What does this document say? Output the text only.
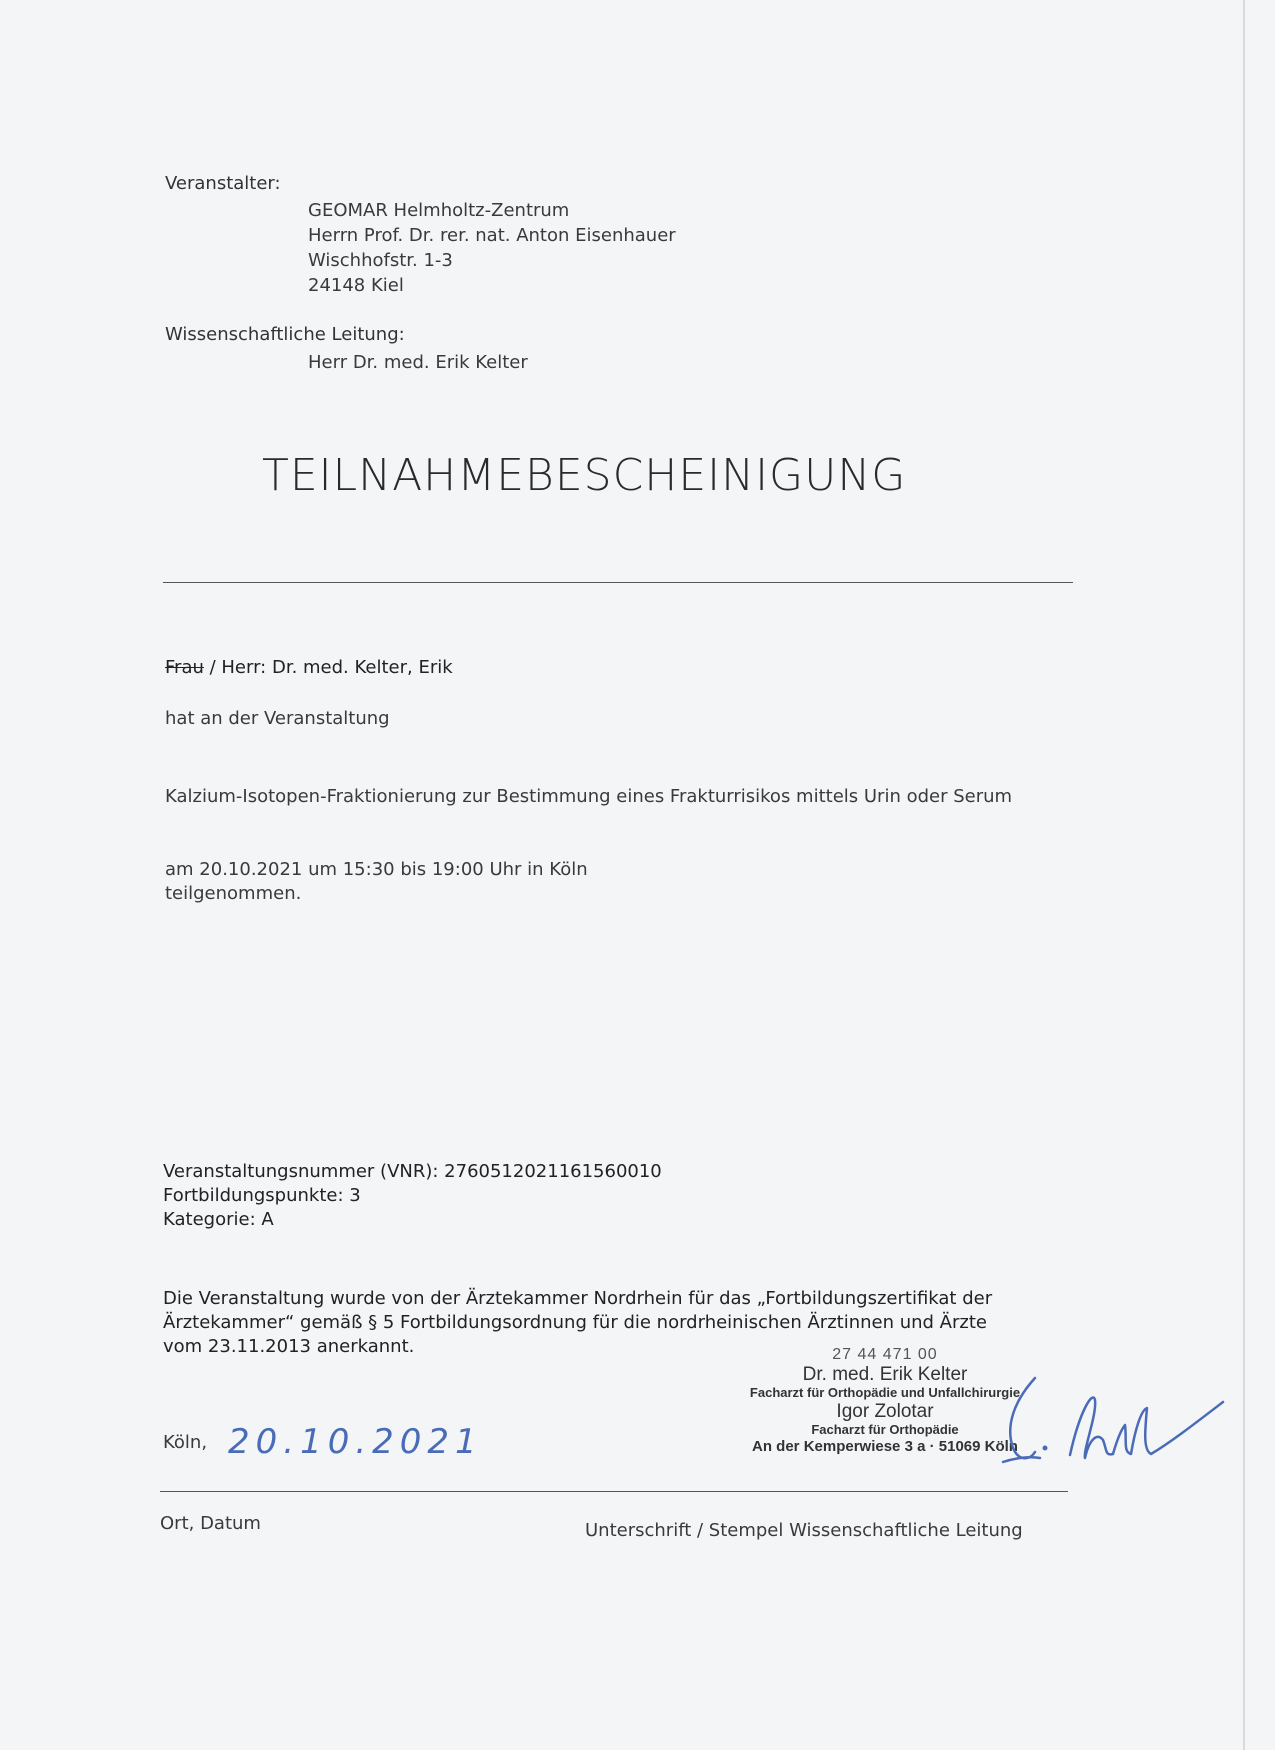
Veranstalter:
GEOMAR Helmholtz-Zentrum
Herrn Prof. Dr. rer. nat. Anton Eisenhauer
Wischhofstr. 1-3
24148 Kiel
Wissenschaftliche Leitung:
Herr Dr. med. Erik Kelter
TEILNAHMEBESCHEINIGUNG
Frau / Herr: Dr. med. Kelter, Erik
hat an der Veranstaltung
Kalzium-Isotopen-Fraktionierung zur Bestimmung eines Frakturrisikos mittels Urin oder Serum
am 20.10.2021 um 15:30 bis 19:00 Uhr in Köln
teilgenommen.
Veranstaltungsnummer (VNR): 2760512021161560010
Fortbildungspunkte: 3
Kategorie: A
Die Veranstaltung wurde von der Ärztekammer Nordrhein für das „Fortbildungszertifikat der
Ärztekammer“ gemäß § 5 Fortbildungsordnung für die nordrheinischen Ärztinnen und Ärzte
vom 23.11.2013 anerkannt.	27 44 471 00
Dr. med. Erik Kelter
Facharzt für Orthopädie und Unfallchirurgie
Igor Zolotar
Facharzt für Orthopädie
An der Kemperwiese 3 a · 51069 Köln
Köln, 20.10.2021
Ort, Datum	Unterschrift / Stempel Wissenschaftliche Leitung
